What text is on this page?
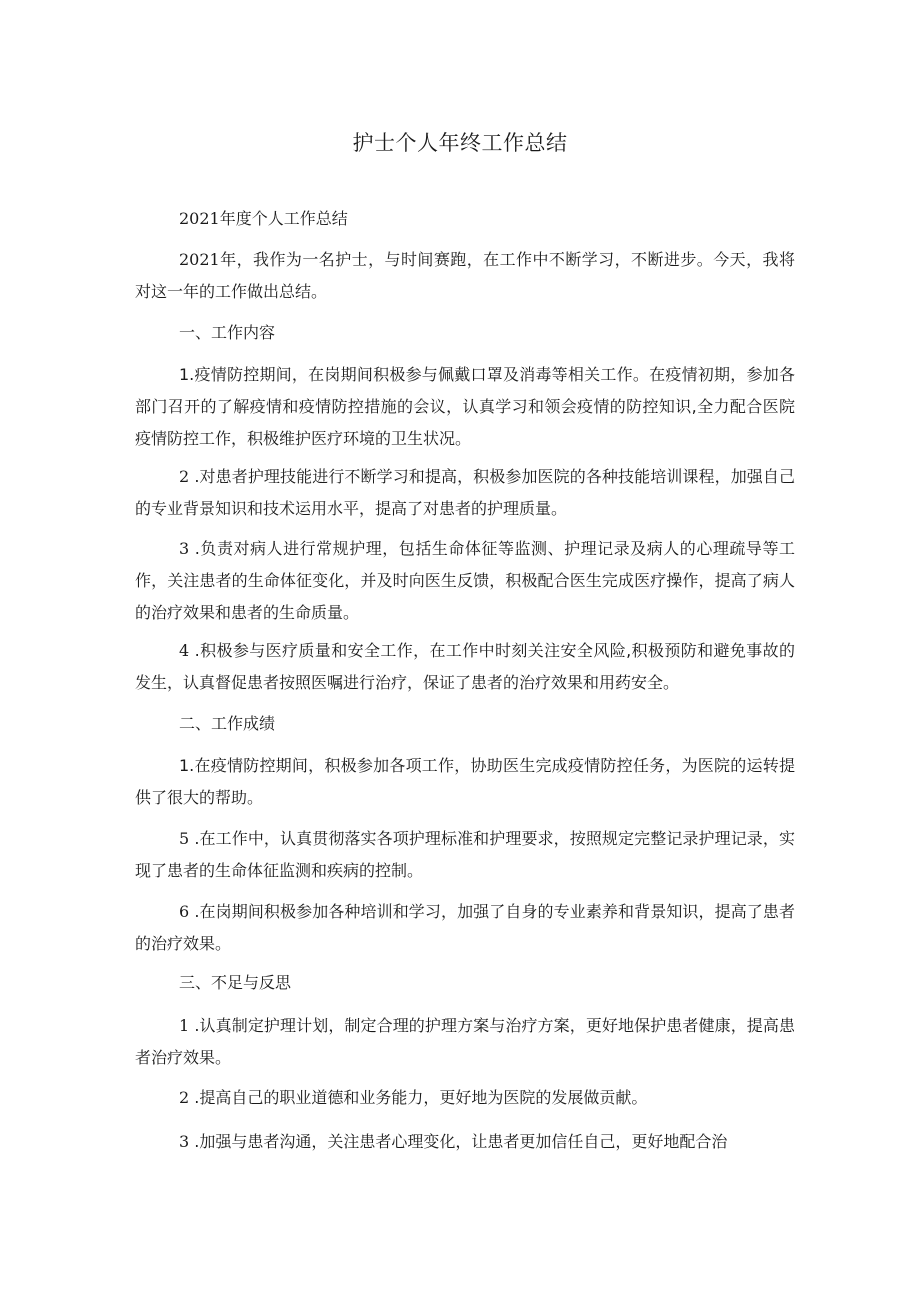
护士个人年终工作总结

2021年度个人工作总结

2021年，我作为一名护士，与时间赛跑，在工作中不断学习，不断进步。今天，我将对这一年的工作做出总结。

一、工作内容

1.疫情防控期间，在岗期间积极参与佩戴口罩及消毒等相关工作。在疫情初期，参加各部门召开的了解疫情和疫情防控措施的会议，认真学习和领会疫情的防控知识,全力配合医院疫情防控工作，积极维护医疗环境的卫生状况。

2 .对患者护理技能进行不断学习和提高，积极参加医院的各种技能培训课程，加强自己的专业背景知识和技术运用水平，提高了对患者的护理质量。

3 .负责对病人进行常规护理，包括生命体征等监测、护理记录及病人的心理疏导等工作，关注患者的生命体征变化，并及时向医生反馈，积极配合医生完成医疗操作，提高了病人的治疗效果和患者的生命质量。

4 .积极参与医疗质量和安全工作，在工作中时刻关注安全风险,积极预防和避免事故的发生，认真督促患者按照医嘱进行治疗，保证了患者的治疗效果和用药安全。

二、工作成绩

1.在疫情防控期间，积极参加各项工作，协助医生完成疫情防控任务，为医院的运转提供了很大的帮助。

5 .在工作中，认真贯彻落实各项护理标准和护理要求，按照规定完整记录护理记录，实现了患者的生命体征监测和疾病的控制。

6 .在岗期间积极参加各种培训和学习，加强了自身的专业素养和背景知识，提高了患者的治疗效果。

三、不足与反思

1 .认真制定护理计划，制定合理的护理方案与治疗方案，更好地保护患者健康，提高患者治疗效果。

2 .提高自己的职业道德和业务能力，更好地为医院的发展做贡献。

3 .加强与患者沟通，关注患者心理变化，让患者更加信任自己，更好地配合治
